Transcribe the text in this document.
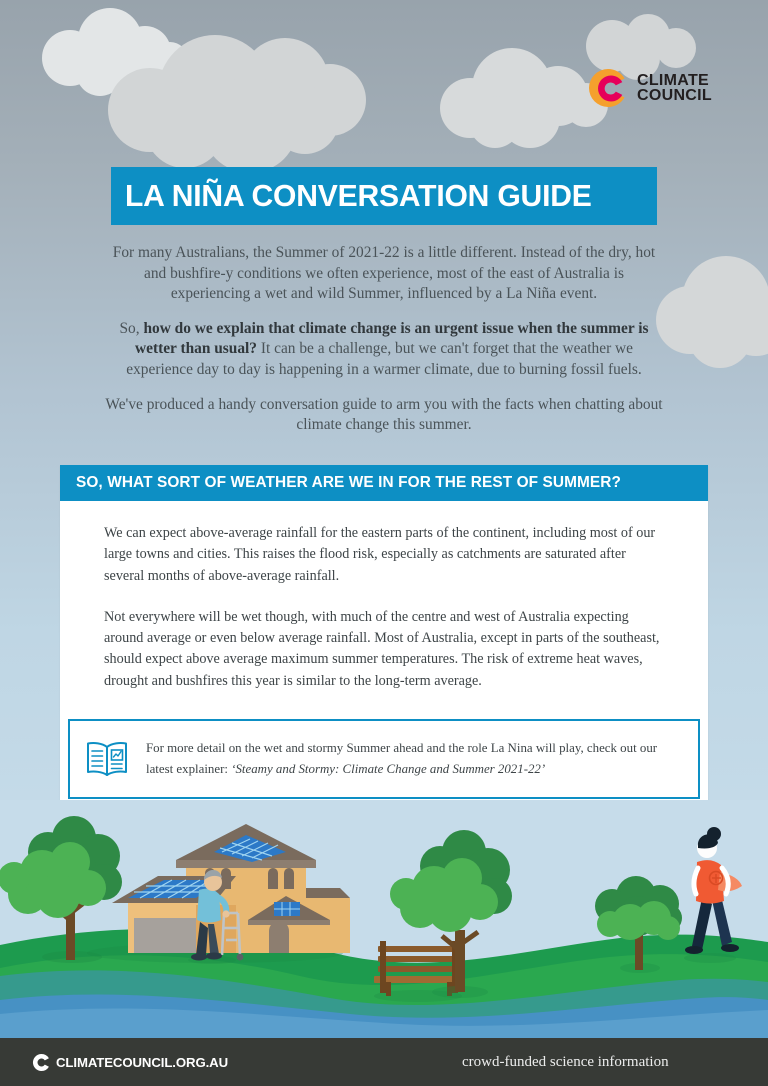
CLIMATE
COUNCIL
LA NIÑA CONVERSATION GUIDE

For many Australians, the Summer of 2021-22 is a little different. Instead of the dry, hot and bushfire-y conditions we often experience, most of the east of Australia is experiencing a wet and wild Summer, influenced by a La Niña event.

So, how do we explain that climate change is an urgent issue when the summer is wetter than usual? It can be a challenge, but we can't forget that the weather we experience day to day is happening in a warmer climate, due to burning fossil fuels.

We've produced a handy conversation guide to arm you with the facts when chatting about climate change this summer.

SO, WHAT SORT OF WEATHER ARE WE IN FOR THE REST OF SUMMER?

We can expect above-average rainfall for the eastern parts of the continent, including most of our large towns and cities. This raises the flood risk, especially as catchments are saturated after several months of above-average rainfall.

Not everywhere will be wet though, with much of the centre and west of Australia expecting around average or even below average rainfall. Most of Australia, except in parts of the southeast, should expect above average maximum summer temperatures. The risk of extreme heat waves, drought and bushfires this year is similar to the long-term average.

For more detail on the wet and stormy Summer ahead and the role La Nina will play, check out our latest explainer: ‘Steamy and Stormy: Climate Change and Summer 2021-22’
CLIMATECOUNCIL.ORG.AU	crowd-funded science information
